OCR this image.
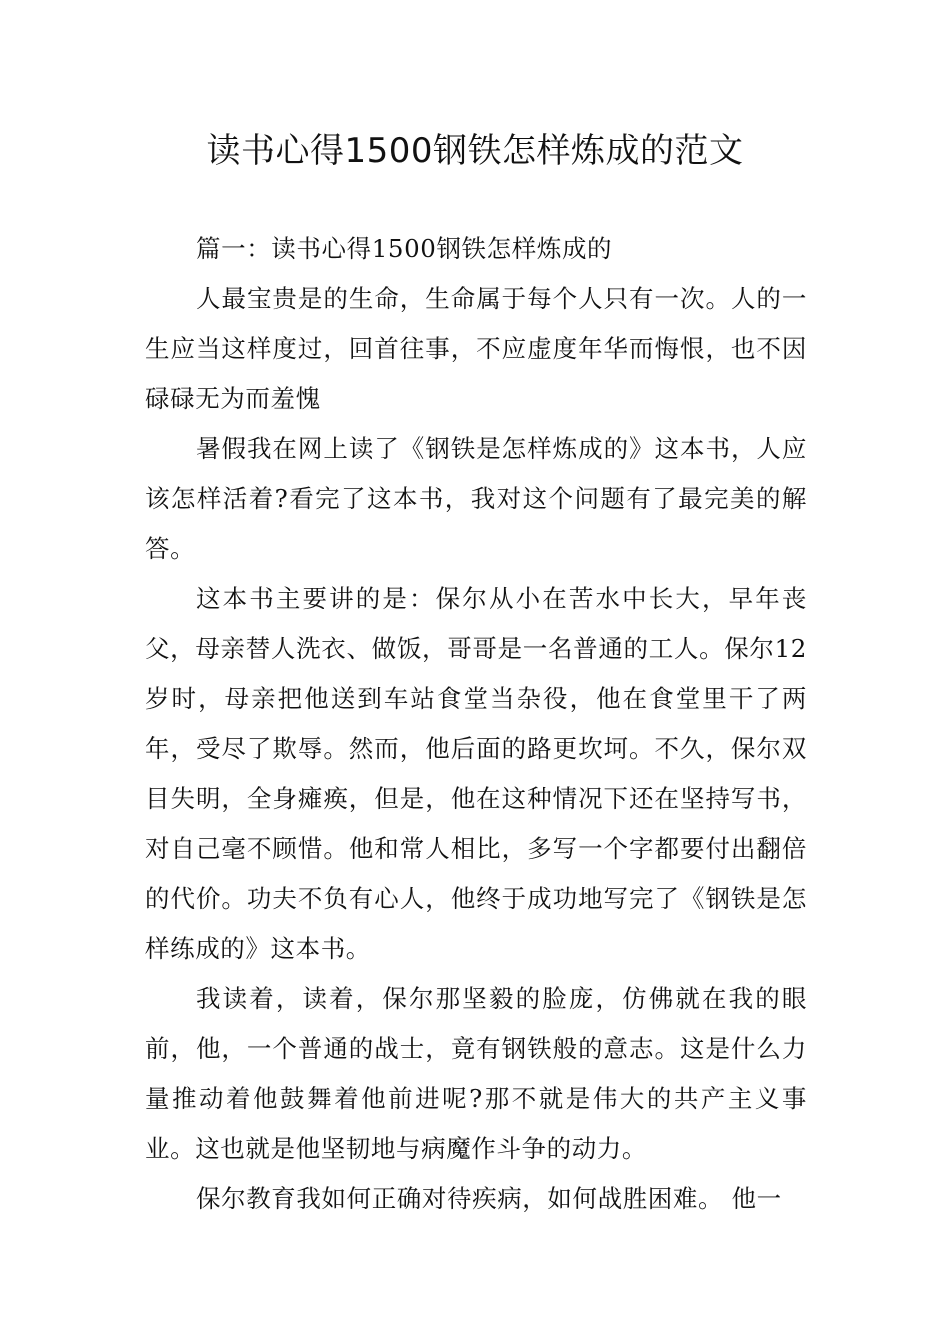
读书心得1500钢铁怎样炼成的范文

篇一：读书心得1500钢铁怎样炼成的

人最宝贵是的生命，生命属于每个人只有一次。人的一生应当这样度过，回首往事，不应虚度年华而悔恨，也不因碌碌无为而羞愧

暑假我在网上读了《钢铁是怎样炼成的》这本书，人应该怎样活着?看完了这本书，我对这个问题有了最完美的解答。

这本书主要讲的是：保尔从小在苦水中长大，早年丧父，母亲替人洗衣、做饭，哥哥是一名普通的工人。保尔12岁时，母亲把他送到车站食堂当杂役，他在食堂里干了两年，受尽了欺辱。然而，他后面的路更坎坷。不久，保尔双目失明，全身瘫痪，但是，他在这种情况下还在坚持写书，对自己毫不顾惜。他和常人相比，多写一个字都要付出翻倍的代价。功夫不负有心人，他终于成功地写完了《钢铁是怎样练成的》这本书。

我读着，读着，保尔那坚毅的脸庞，仿佛就在我的眼前，他，一个普通的战士，竟有钢铁般的意志。这是什么力量推动着他鼓舞着他前进呢?那不就是伟大的共产主义事业。这也就是他坚韧地与病魔作斗争的动力。

保尔教育我如何正确对待疾病，如何战胜困难。 他一
